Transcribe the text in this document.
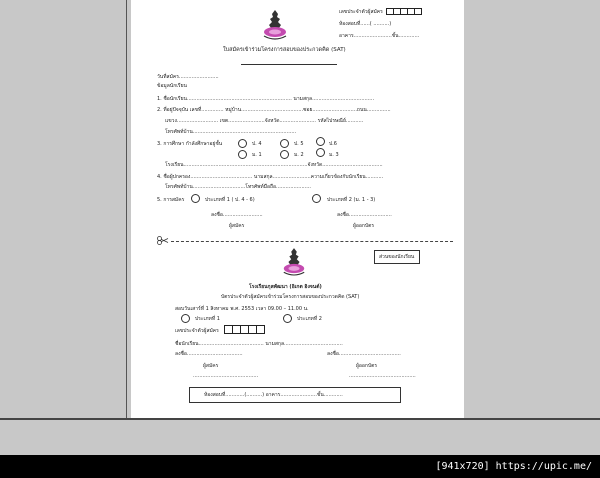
เลขประจำตัวผู้สมัคร
ห้องสอบที่......( ..........)
อาคาร........................ชั้น.............
ใบสมัครเข้าร่วมโครงการสอบของประกวดคิด (SAT)
วันที่สมัคร.........................
ข้อมูลนักเรียน
1. ชื่อนักเรียน.................................................................. นามสกุล.......................................
2. ที่อยู่ปัจจุบัน เลขที่.............. หมู่บ้าน.......................................ซอย............................ถนน...............
แขวง.......................... เขต.......................จังหวัด....................... รหัสไปรษณีย์...........
โทรศัพท์บ้าน.................................................................
3. การศึกษา กำลังศึกษาอยู่ชั้น	ป. 4	ป. 5	ป.6
ม. 1	ม. 2	ม. 3
โรงเรียน..............................................................................จังหวัด......................................
4. ชื่อผู้ปกครอง....................................... นามสกุล........................ความเกี่ยวข้องกับนักเรียน...........
โทรศัพท์บ้าน.................................โทรศัพท์มือถือ......................
5. การสมัคร	ประเภทที่ 1 ( ป. 4 - 6)	ประเภทที่ 2 (ม. 1 - 3)
ลงชื่อ.........................
ผู้สมัคร
ลงชื่อ...........................
ผู้ออกบัตร
ส่วนของนักเรียน
โรงเรียนกุลพัฒนา (อิเกต อิงจนต์)
บัตรประจำตัวผู้สมัครเข้าร่วมโครงการสอบของประกวดคิด (SAT)
สอบวันเสาร์ที่ 1 สิงหาคม พ.ศ. 2553 เวลา 09.00 – 11.00 น.
ประเภทที่ 1	ประเภทที่ 2
เลขประจำตัวผู้สมัคร
ชื่อนักเรียน......................................... นามสกุล.....................................
ลงชื่อ...................................	ลงชื่อ.......................................
ผู้สมัคร	ผู้ออกบัตร
.........................................	..........................................
ห้องสอบที่............(..........) อาคาร.......................ชั้น............
[941x720] https://upic.me/
